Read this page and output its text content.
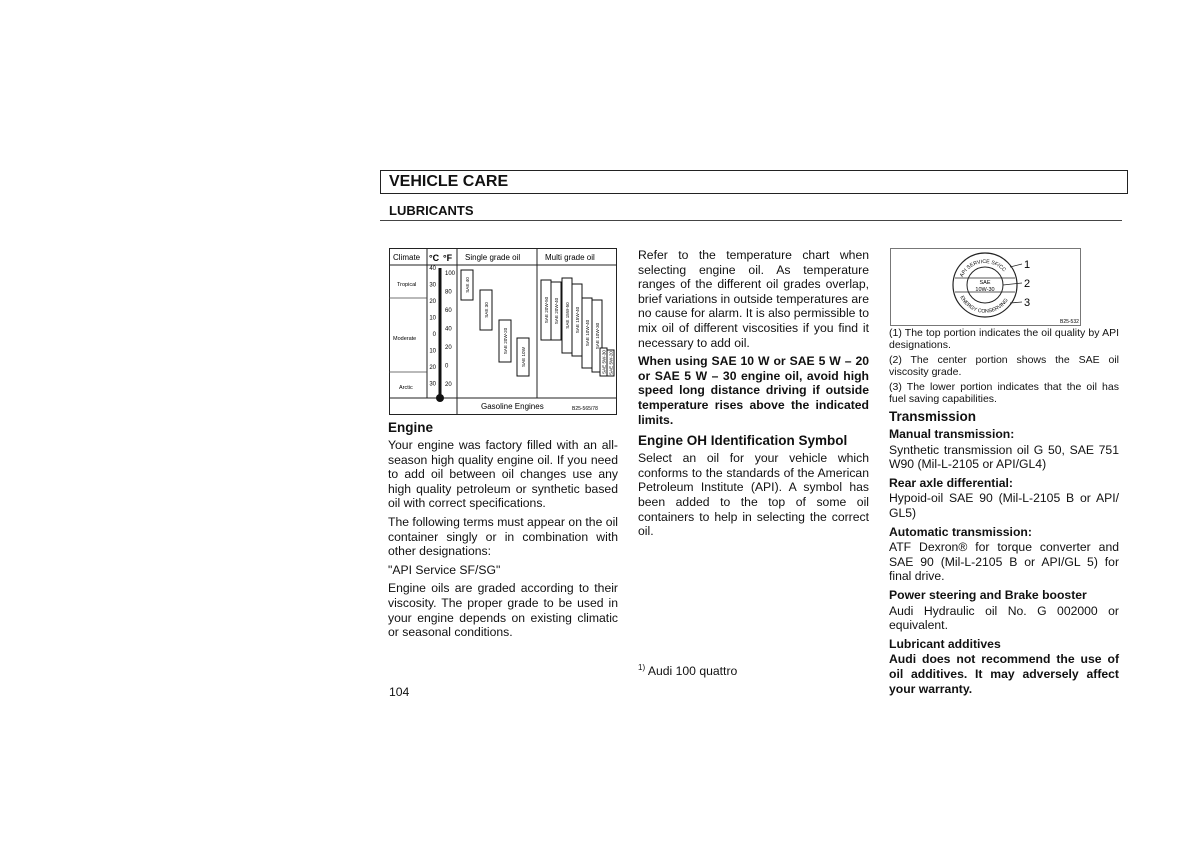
VEHICLE CARE
LUBRICANTS
Climate °C °F Single grade oil	Multi grade oil
Tropical
Moderate
Arctic
40
30
20
10
0
10
20
30
100
80
60
40
20
0
20
SAE 40
SAE 30
SAE 20W-20
SAE 10W
SAE 20W-50 SAE 20W-40 SAE 15W-50 SAE 15W-40 SAE 10W-40 SAE 10W-30
SAE 5W-30 SAE 5W-20
Gasoline Engines	B25-565/78
API SERVICE SF/CC
ENERGY CONSERVING
SAE
10W-30
1
2
3
B25-532
Engine

Your engine was factory filled with an all-season high quality engine oil. If you need to add oil between oil changes use any high quality petroleum or synthetic based oil with correct specifications.

The following terms must appear on the oil container singly or in combination with other designations:

"API Service SF/SG"

Engine oils are graded according to their viscosity. The proper grade to be used in your engine depends on existing climatic or seasonal conditions.

Refer to the temperature chart when selecting engine oil. As temperature ranges of the different oil grades overlap, brief variations in outside temperatures are no cause for alarm. It is also permissible to mix oil of different viscosities if you find it necessary to add oil.

When using SAE 10 W or SAE 5 W – 20 or SAE 5 W – 30 engine oil, avoid high speed long distance driving if outside temperature rises above the indicated limits.

Engine OH Identification Symbol

Select an oil for your vehicle which conforms to the standards of the American Petroleum Institute (API). A symbol has been added to the top of some oil containers to help in selecting the correct oil.

$^{1)}$ Audi 100 quattro

(1) The top portion indicates the oil quality by API designations.

(2) The center portion shows the SAE oil viscosity grade.

(3) The lower portion indicates that the oil has fuel saving capabilities.

Transmission
Manual transmission:

Synthetic transmission oil G 50, SAE 751 W90 (Mil-L-2105 or API/GL4)

Rear axle differential:

Hypoid-oil SAE 90 (Mil-L-2105 B or API/ GL5)

Automatic transmission:

ATF Dexron® for torque converter and SAE 90 (Mil-L-2105 B or API/GL 5) for final drive.

Power steering and Brake booster

Audi Hydraulic oil No. G 002000 or equivalent.

Lubricant additives

Audi does not recommend the use of oil additives. It may adversely affect your warranty.

104
